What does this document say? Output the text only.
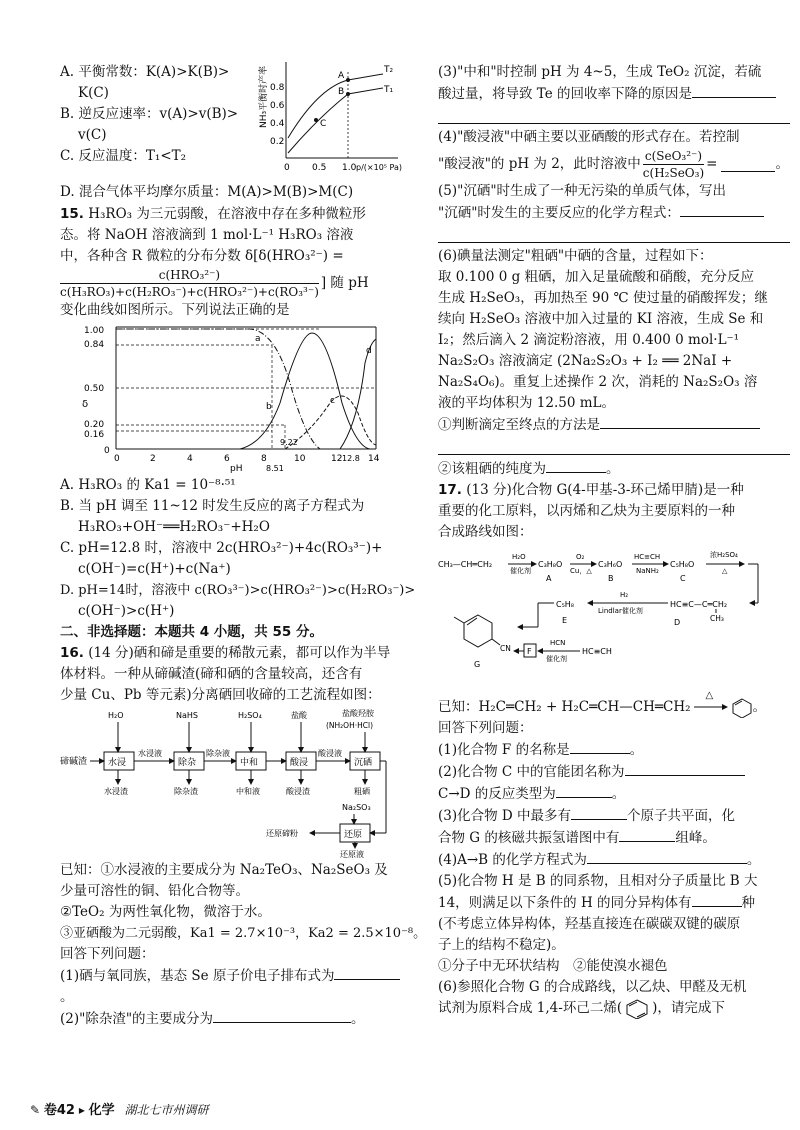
A. 平衡常数：K(A)>K(B)>

K(C)

B. 逆反应速率：v(A)>v(B)>

v(C)

C. 反应温度：T₁<T₂

D. 混合气体平均摩尔质量：M(A)>M(B)>M(C)

NH₃平衡时产率 0.8
0.6
0.4
0.2
0 0.5 1.0 p/(×10⁵ Pa)
A
B
C
T₂
T₁

15. H₃RO₃ 为三元弱酸，在溶液中存在多种微粒形

态。将 NaOH 溶液滴到 1 mol·L⁻¹ H₃RO₃ 溶液

中，各种含 R 微粒的分布分数 δ[δ(HRO₃²⁻) =

$\frac{\text{c(HRO₃²⁻)}}{\text{c(H₃RO₃)+c(H₂RO₃⁻)+c(HRO₃²⁻)+c(RO₃³⁻)}}$ ] 随 pH

变化曲线如图所示。下列说法正确的是

δ
1.00
0.84
0.50
0.20
0.16
0
0	2	4	6	8	10	12	14
9.22
8.51
12.8
pH
a
b
c
d

A. H₃RO₃ 的 Ka1 = 10⁻⁸·⁵¹

B. 当 pH 调至 11~12 时发生反应的离子方程式为

H₃RO₃+OH⁻══H₂RO₃⁻+H₂O

C. pH=12.8 时，溶液中 2c(HRO₃²⁻)+4c(RO₃³⁻)+

c(OH⁻)=c(H⁺)+c(Na⁺)

D. pH=14时，溶液中 c(RO₃³⁻)>c(HRO₃²⁻)>c(H₂RO₃⁻)>

c(OH⁻)>c(H⁺)

二、非选择题：本题共 4 小题，共 55 分。

16. (14 分)硒和碲是重要的稀散元素，都可以作为半导

体材料。一种从碲碱渣(碲和硒的含量较高，还含有

少量 Cu、Pb 等元素)分离硒回收碲的工艺流程如图：

碲碱渣 水浸
水浸液
除杂
除杂液
中和	酸浸
酸浸液
沉硒
H₂O	NaHS	H₂SO₄	盐酸	盐酸羟胺
(NH₂OH·HCl)
水浸渣	除杂渣	中和液	酸浸渣	粗硒
Na₂SO₃
还原
还原碲粉
还原液

已知：①水浸液的主要成分为 Na₂TeO₃、Na₂SeO₃ 及

少量可溶性的铜、铅化合物等。

②TeO₂ 为两性氧化物，微溶于水。

③亚硒酸为二元弱酸，Ka1 = 2.7×10⁻³，Ka2 = 2.5×10⁻⁸。

回答下列问题：

(1)硒与氧同族，基态 Se 原子价电子排布式为。

(2)"除杂渣"的主要成分为	。

(3)"中和"时控制 pH 为 4~5，生成 TeO₂ 沉淀，若硫

酸过量，将导致 Te 的回收率下降的原因是

(4)"酸浸液"中硒主要以亚硒酸的形式存在。若控制

"酸浸液"的 pH 为 2，此时溶液中 $\frac{\text{c(SeO₃²⁻)}}{\text{c(H₂SeO₃)}}$ =	。

(5)"沉硒"时生成了一种无污染的单质气体，写出

"沉硒"时发生的主要反应的化学方程式：

(6)碘量法测定"粗硒"中硒的含量，过程如下：

取 0.100 0 g 粗硒，加入足量硫酸和硝酸，充分反应

生成 H₂SeO₃，再加热至 90 ℃ 使过量的硝酸挥发；继

续向 H₂SeO₃ 溶液中加入过量的 KI 溶液，生成 Se 和

I₂；然后滴入 2 滴淀粉溶液，用 0.400 0 mol·L⁻¹

Na₂S₂O₃ 溶液滴定 (2Na₂S₂O₃ + I₂ ══ 2NaI +

Na₂S₄O₆)。重复上述操作 2 次，消耗的 Na₂S₂O₃ 溶

液的平均体积为 12.50 mL。

①判断滴定至终点的方法是

②该粗硒的纯度为	。

17. (13 分)化合物 G(4-甲基-3-环己烯甲腈)是一种

重要的化工原料，以丙烯和乙炔为主要原料的一种

合成路线如图：

CH₃—CH═CH₂
H₂O
催化剂
C₃H₈O
A
O₂
Cu，△
C₃H₆O
B
HC≡CH
NaNH₂
C₅H₈O
C
浓H₂SO₄
△
HC≡C—C═CH₂
CH₃
D
H₂
Lindlar催化剂
C₅H₈
E
CN
G
F
HCN
催化剂
HC≡CH
已知：H₂C═CH₂ + H₂C═CH—CH═CH₂
△
。

回答下列问题：

(1)化合物 F 的名称是	。

(2)化合物 C 中的官能团名称为

C→D 的反应类型为	。

(3)化合物 D 中最多有	个原子共平面，化

合物 G 的核磁共振氢谱图中有	组峰。

(4)A→B 的化学方程式为	。

(5)化合物 H 是 B 的同系物，且相对分子质量比 B 大

14，则满足以下条件的 H 的同分异构体有	种

(不考虑立体异构体，羟基直接连在碳碳双键的碳原

子上的结构不稳定)。

①分子中无环状结构　②能使溴水褪色

(6)参照化合物 G 的合成路线，以乙炔、甲醛及无机

试剂为原料合成 1,4-环己二烯( )，请完成下
✎ 卷42 ▸ 化学 湖北七市州调研
